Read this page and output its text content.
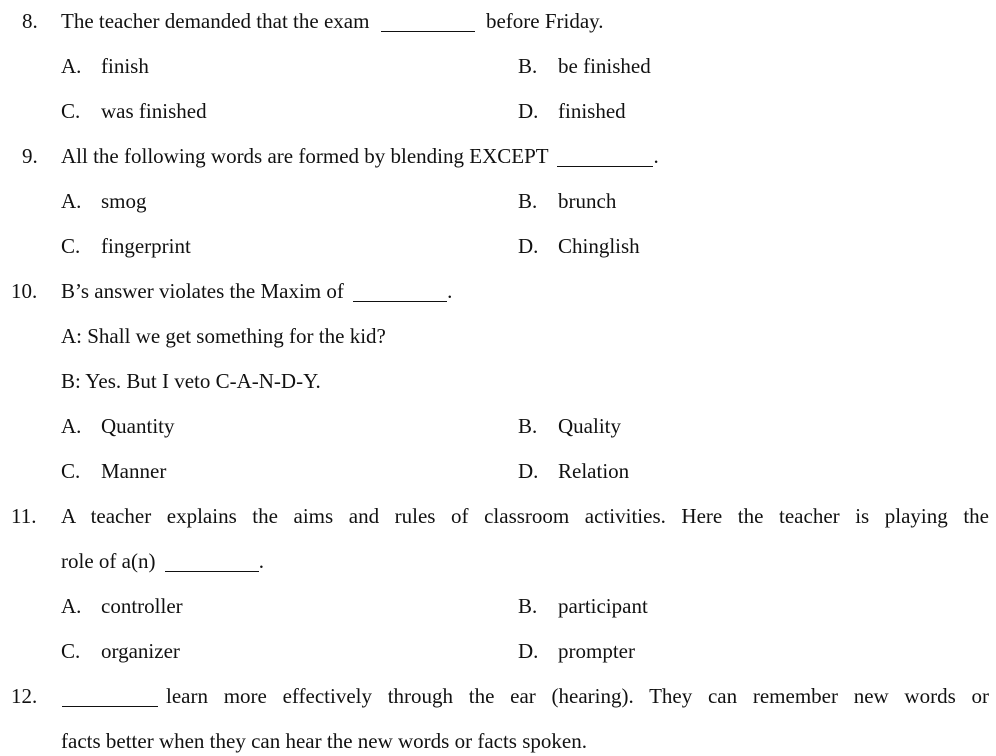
8. The teacher demanded that the exam	before Friday.
A. finish	B. be finished
C. was finished	D. finished
9. All the following words are formed by blending EXCEPT	.
A. smog	B. brunch
C. fingerprint	D. Chinglish
10. B’s answer violates the Maxim of	.
A: Shall we get something for the kid?
B: Yes. But I veto C-A-N-D-Y.
A. Quantity	B. Quality
C. Manner	D. Relation
11. A teacher explains the aims and rules of classroom activities. Here the teacher is playing the
role of a(n)	.
A. controller	B. participant
C. organizer	D. prompter
12.	learn more effectively through the ear (hearing). They can remember new words or
facts better when they can hear the new words or facts spoken.
